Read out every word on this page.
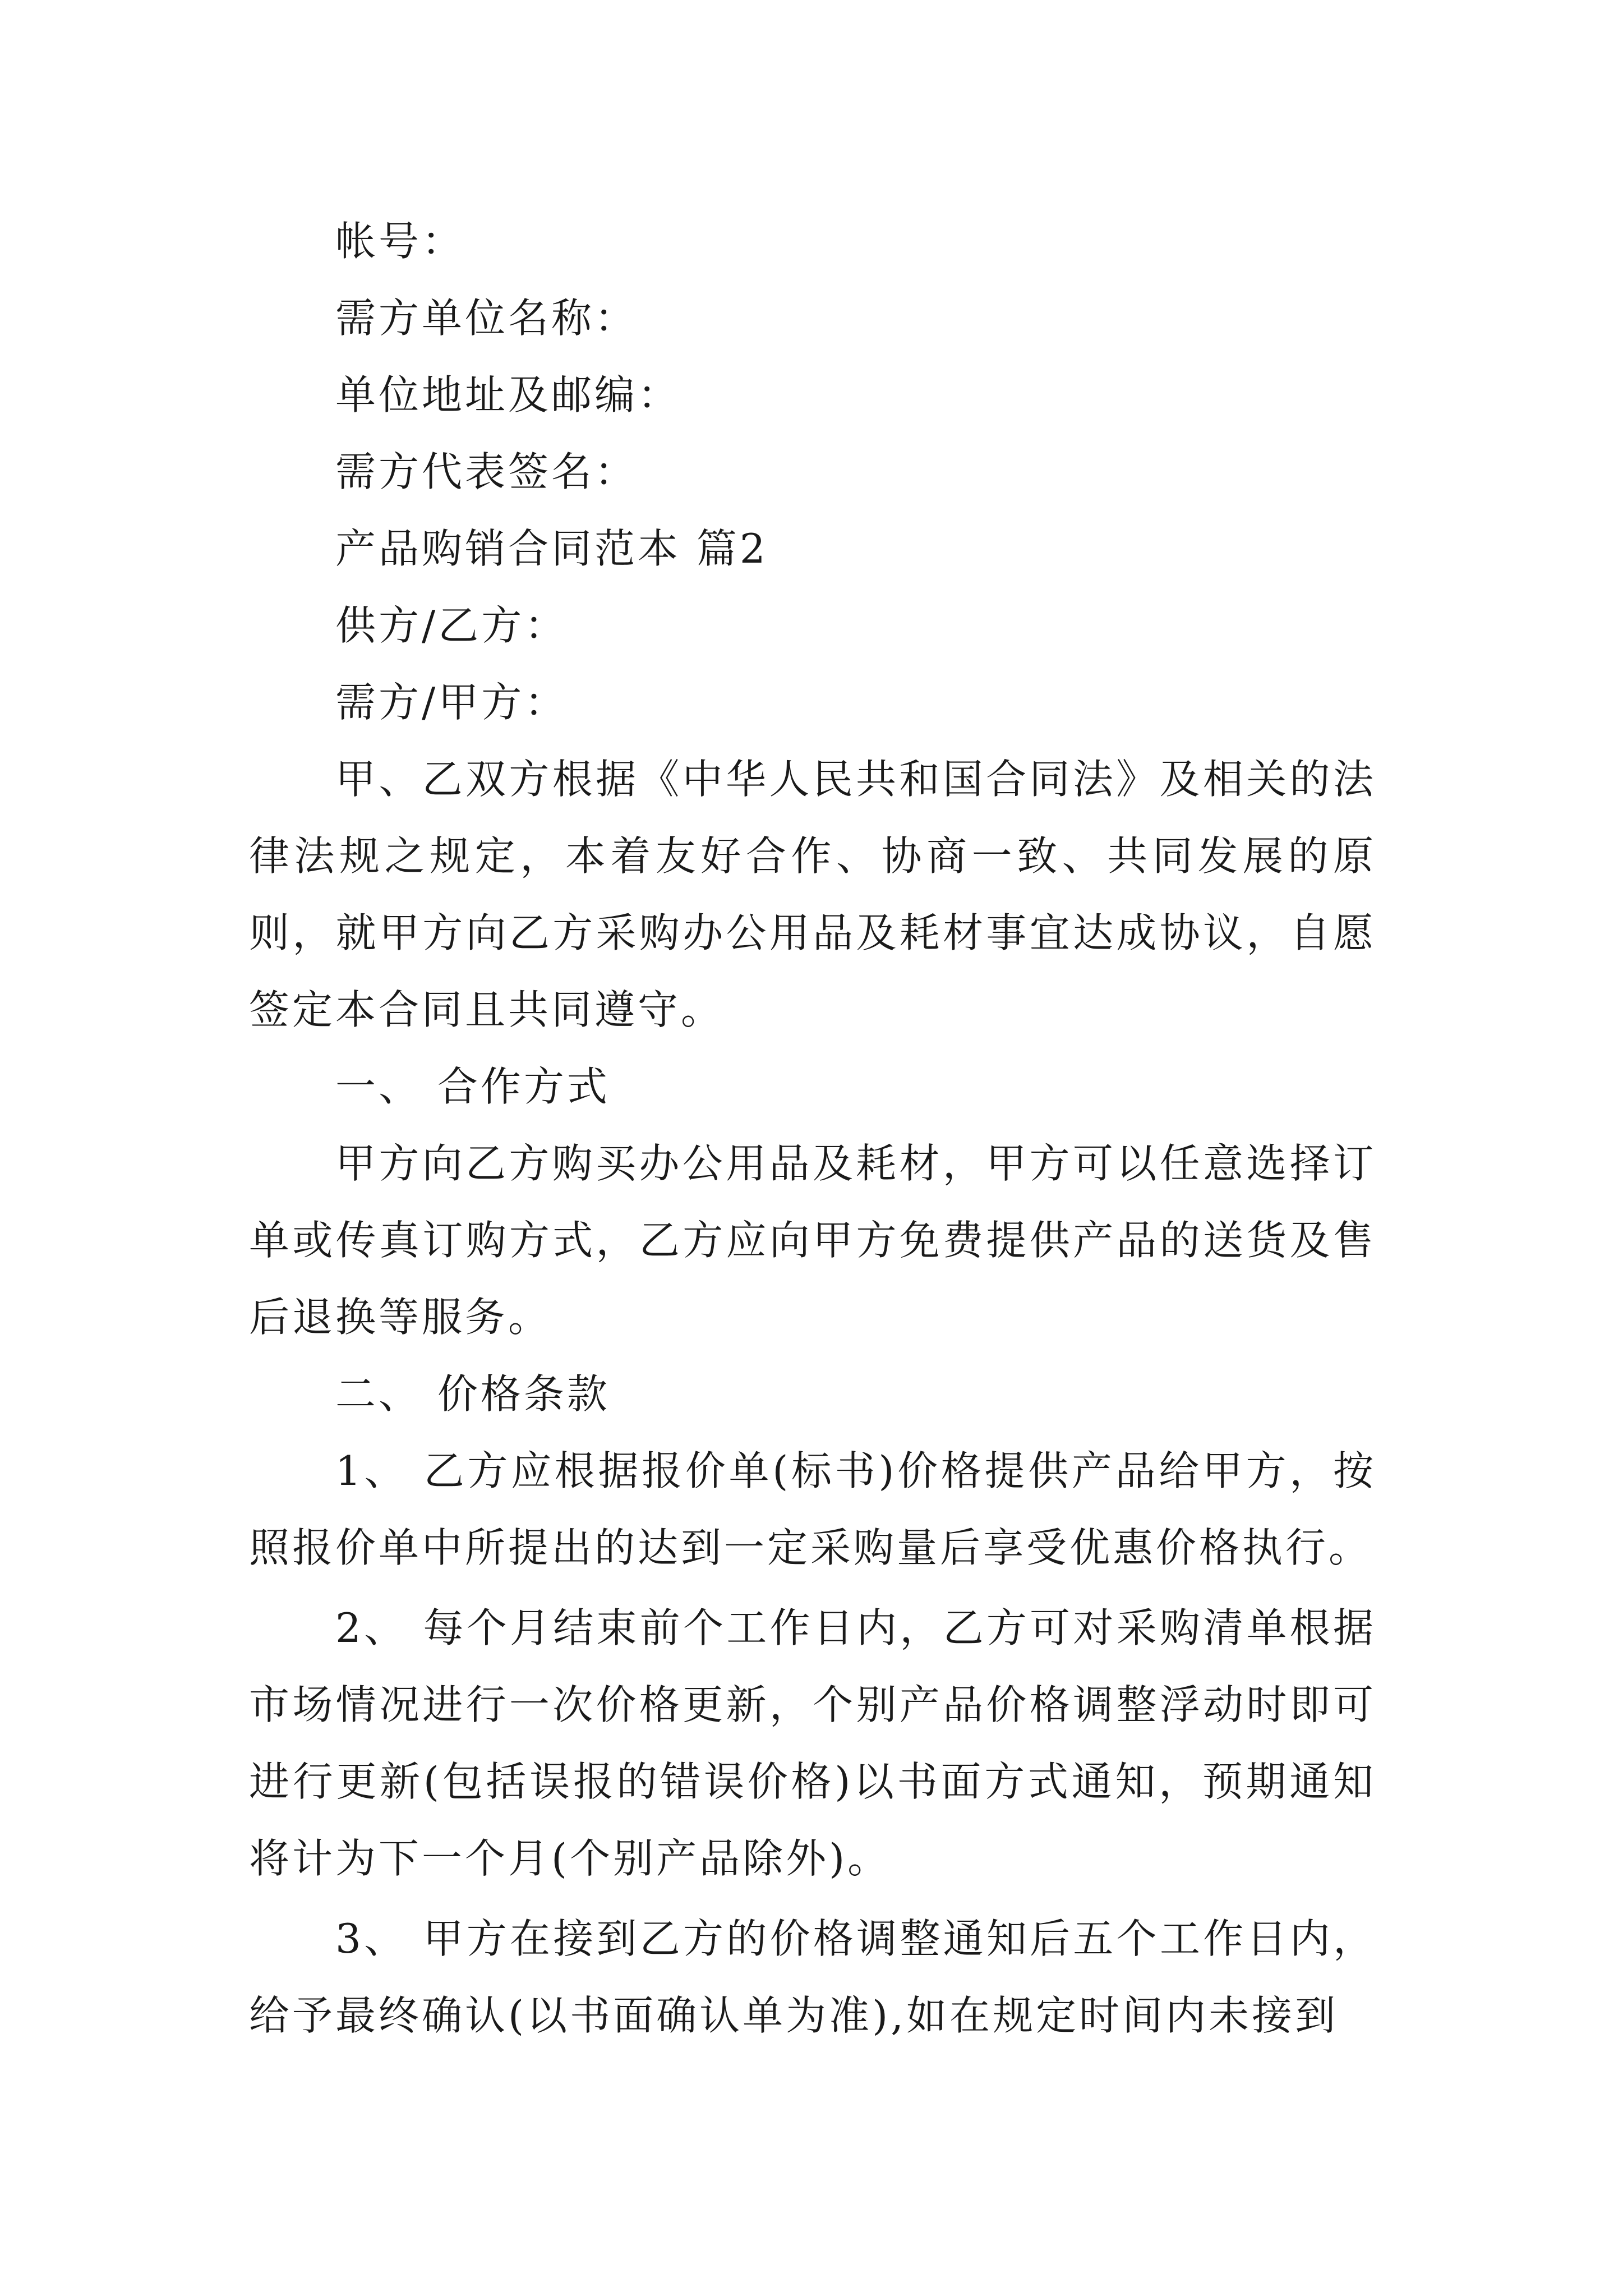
帐号：

需方单位名称：

单位地址及邮编：

需方代表签名：

产品购销合同范本 篇2

供方/乙方：

需方/甲方：

甲、乙双方根据《中华人民共和国合同法》及相关的法律法规之规定，本着友好合作、协商一致、共同发展的原则，就甲方向乙方采购办公用品及耗材事宜达成协议，自愿签定本合同且共同遵守。

一、 合作方式

甲方向乙方购买办公用品及耗材，甲方可以任意选择订单或传真订购方式，乙方应向甲方免费提供产品的送货及售后退换等服务。

二、 价格条款

1、 乙方应根据报价单(标书)价格提供产品给甲方，按照报价单中所提出的达到一定采购量后享受优惠价格执行。

2、 每个月结束前个工作日内，乙方可对采购清单根据市场情况进行一次价格更新，个别产品价格调整浮动时即可进行更新(包括误报的错误价格)以书面方式通知，预期通知将计为下一个月(个别产品除外)。

3、 甲方在接到乙方的价格调整通知后五个工作日内，给予最终确认(以书面确认单为准),如在规定时间内未接到
